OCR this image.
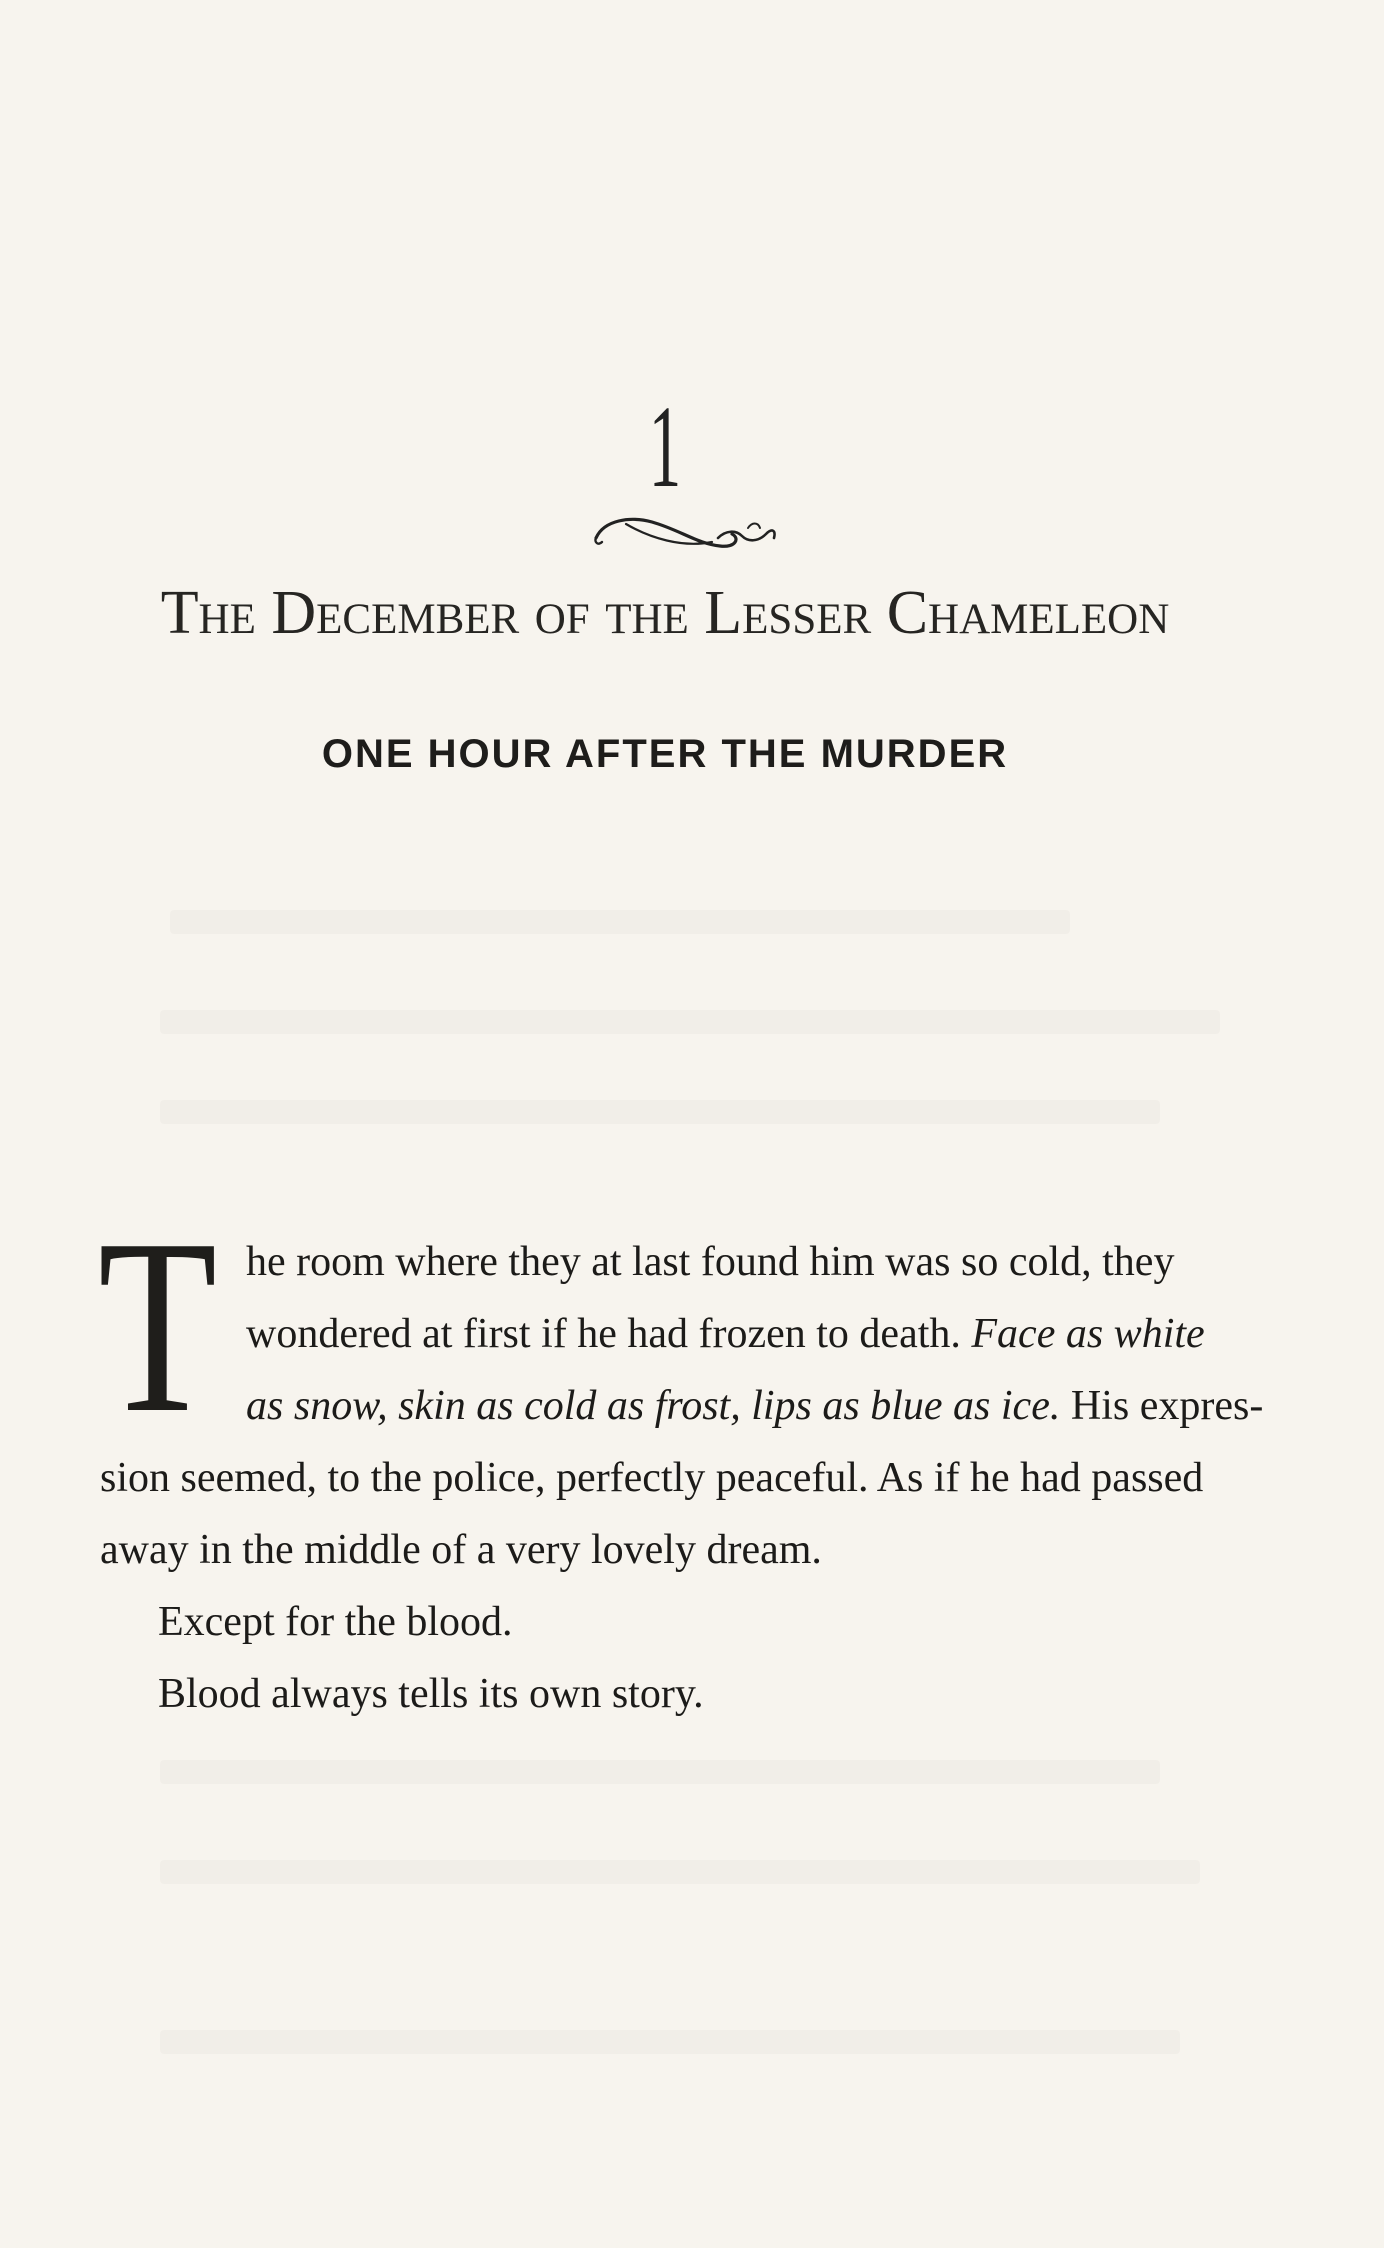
1
The December of the Lesser Chameleon
ONE HOUR AFTER THE MURDER
T he room where they at last found him was so cold, they
wondered at first if he had frozen to death. Face as white
as snow, skin as cold as frost, lips as blue as ice. His expres-
sion seemed, to the police, perfectly peaceful. As if he had passed
away in the middle of a very lovely dream.
Except for the blood.
Blood always tells its own story.
